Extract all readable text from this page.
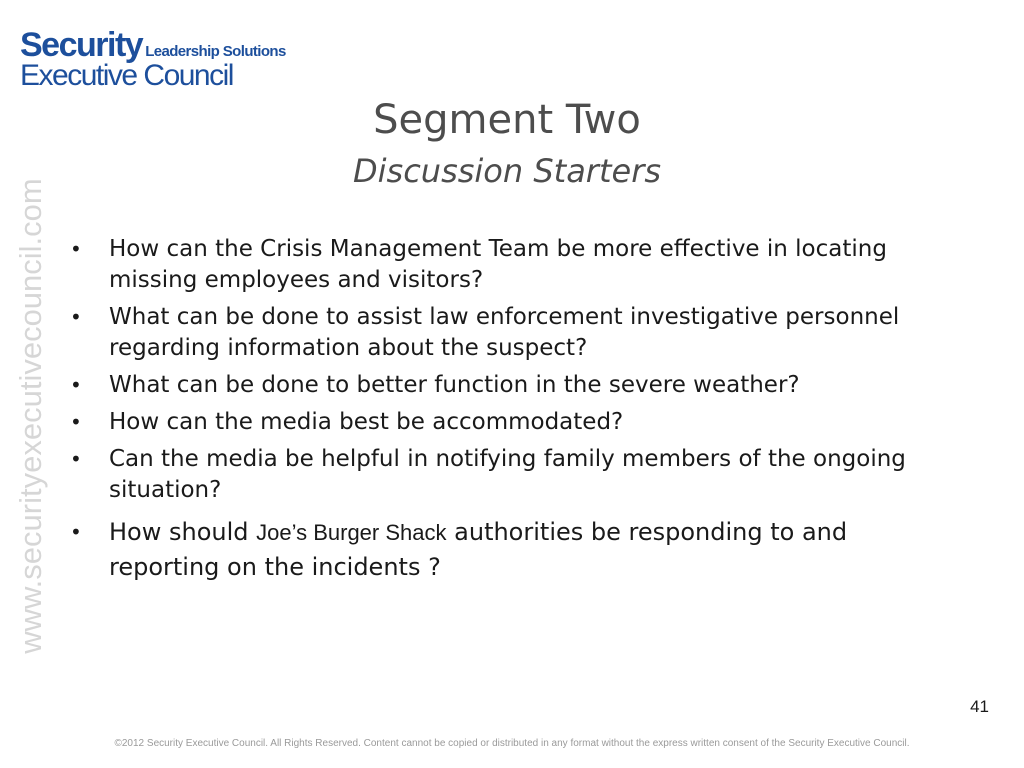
Security Leadership Solutions
Executive Council
www.securityexecutivecouncil.com
Segment Two
Discussion Starters
• How can the Crisis Management Team be more effective in locating missing employees and visitors?
• What can be done to assist law enforcement investigative personnel regarding information about the suspect?
• What can be done to better function in the severe weather?
• How can the media best be accommodated?
• Can the media be helpful in notifying family members of the ongoing situation?
• How should Joe’s Burger Shack authorities be responding to and reporting on the incidents ?
41
©2012 Security Executive Council. All Rights Reserved. Content cannot be copied or distributed in any format without the express written consent of the Security Executive Council.
